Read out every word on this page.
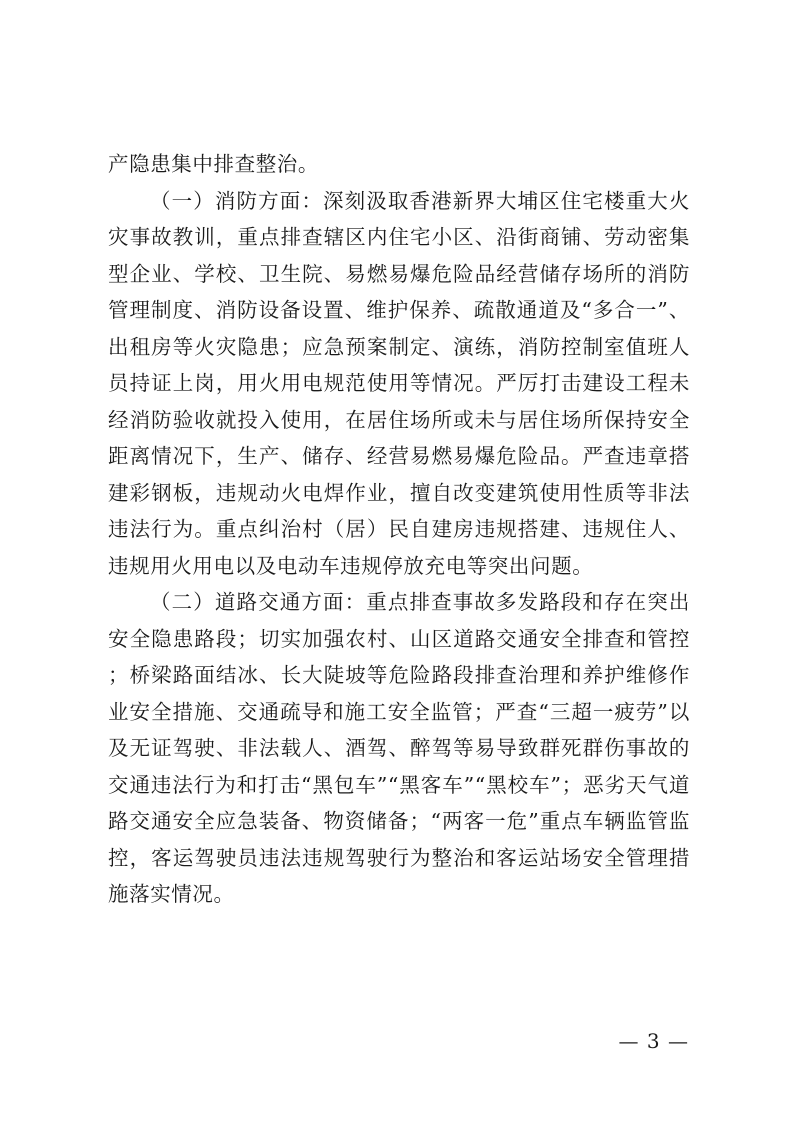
产隐患集中排查整治。

（一）消防方面：深刻汲取香港新界大埔区住宅楼重大火灾事故教训，重点排查辖区内住宅小区、沿街商铺、劳动密集型企业、学校、卫生院、易燃易爆危险品经营储存场所的消防管理制度、消防设备设置、维护保养、疏散通道及“多合一”、出租房等火灾隐患；应急预案制定、演练，消防控制室值班人员持证上岗，用火用电规范使用等情况。严厉打击建设工程未经消防验收就投入使用，在居住场所或未与居住场所保持安全距离情况下，生产、储存、经营易燃易爆危险品。严查违章搭建彩钢板，违规动火电焊作业，擅自改变建筑使用性质等非法违法行为。重点纠治村（居）民自建房违规搭建、违规住人、违规用火用电以及电动车违规停放充电等突出问题。

（二）道路交通方面：重点排查事故多发路段和存在突出安全隐患路段；切实加强农村、山区道路交通安全排查和管控；桥梁路面结冰、长大陡坡等危险路段排查治理和养护维修作业安全措施、交通疏导和施工安全监管；严查“三超一疲劳”以及无证驾驶、非法载人、酒驾、醉驾等易导致群死群伤事故的交通违法行为和打击“黑包车”“黑客车”“黑校车”；恶劣天气道路交通安全应急装备、物资储备；“两客一危”重点车辆监管监控，客运驾驶员违法违规驾驶行为整治和客运站场安全管理措施落实情况。

— 3 —
